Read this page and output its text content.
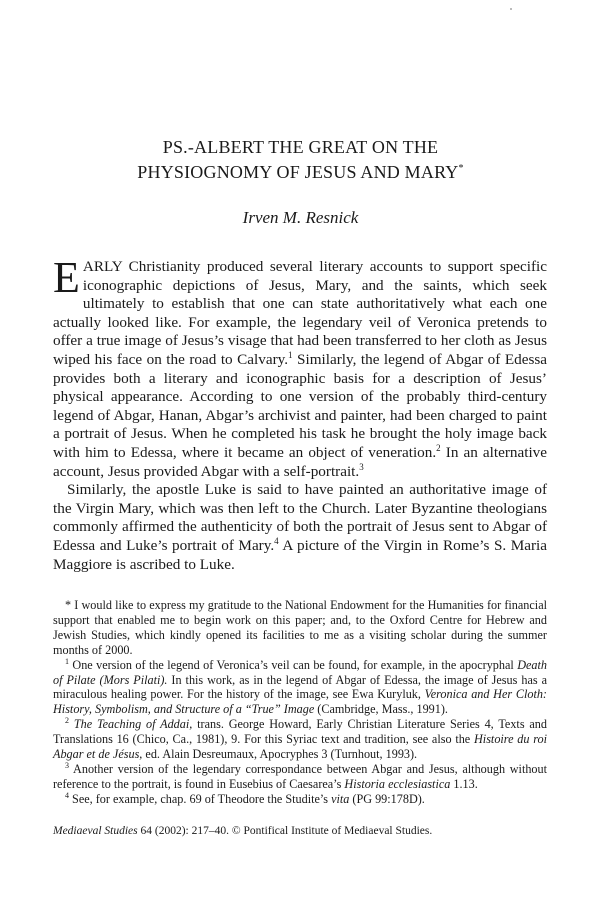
PS.-ALBERT THE GREAT ON THE
PHYSIOGNOMY OF JESUS AND MARY*
Irven M. Resnick

EARLY Christianity produced several literary accounts to support specific iconographic depictions of Jesus, Mary, and the saints, which seek ultimately to establish that one can state authoritatively what each one actually looked like. For example, the legendary veil of Veronica pretends to offer a true image of Jesus’s visage that had been transferred to her cloth as Jesus wiped his face on the road to Calvary.$^1$ Similarly, the legend of Abgar of Edessa provides both a literary and iconographic basis for a description of Jesus’ physical appearance. According to one version of the probably third-century legend of Abgar, Hanan, Abgar’s archivist and painter, had been charged to paint a portrait of Jesus. When he completed his task he brought the holy image back with him to Edessa, where it became an object of veneration.$^2$ In an alternative account, Jesus provided Abgar with a self-portrait.$^3$

Similarly, the apostle Luke is said to have painted an authoritative image of the Virgin Mary, which was then left to the Church. Later Byzantine theologians commonly affirmed the authenticity of both the portrait of Jesus sent to Abgar of Edessa and Luke’s portrait of Mary.$^4$ A picture of the Virgin in Rome’s S. Maria Maggiore is ascribed to Luke.

* I would like to express my gratitude to the National Endowment for the Humanities for financial support that enabled me to begin work on this paper; and, to the Oxford Centre for Hebrew and Jewish Studies, which kindly opened its facilities to me as a visiting scholar during the summer months of 2000.

$^1$ One version of the legend of Veronica’s veil can be found, for example, in the apocryphal Death of Pilate (Mors Pilati). In this work, as in the legend of Abgar of Edessa, the image of Jesus has a miraculous healing power. For the history of the image, see Ewa Kuryluk, Veronica and Her Cloth: History, Symbolism, and Structure of a “True” Image (Cambridge, Mass., 1991).

$^2$ The Teaching of Addai, trans. George Howard, Early Christian Literature Series 4, Texts and Translations 16 (Chico, Ca., 1981), 9. For this Syriac text and tradition, see also the Histoire du roi Abgar et de Jésus, ed. Alain Desreumaux, Apocryphes 3 (Turnhout, 1993).

$^3$ Another version of the legendary correspondance between Abgar and Jesus, although without reference to the portrait, is found in Eusebius of Caesarea’s Historia ecclesiastica 1.13.

$^4$ See, for example, chap. 69 of Theodore the Studite’s vita (PG 99:178D).

Mediaeval Studies 64 (2002): 217–40. © Pontifical Institute of Mediaeval Studies.
